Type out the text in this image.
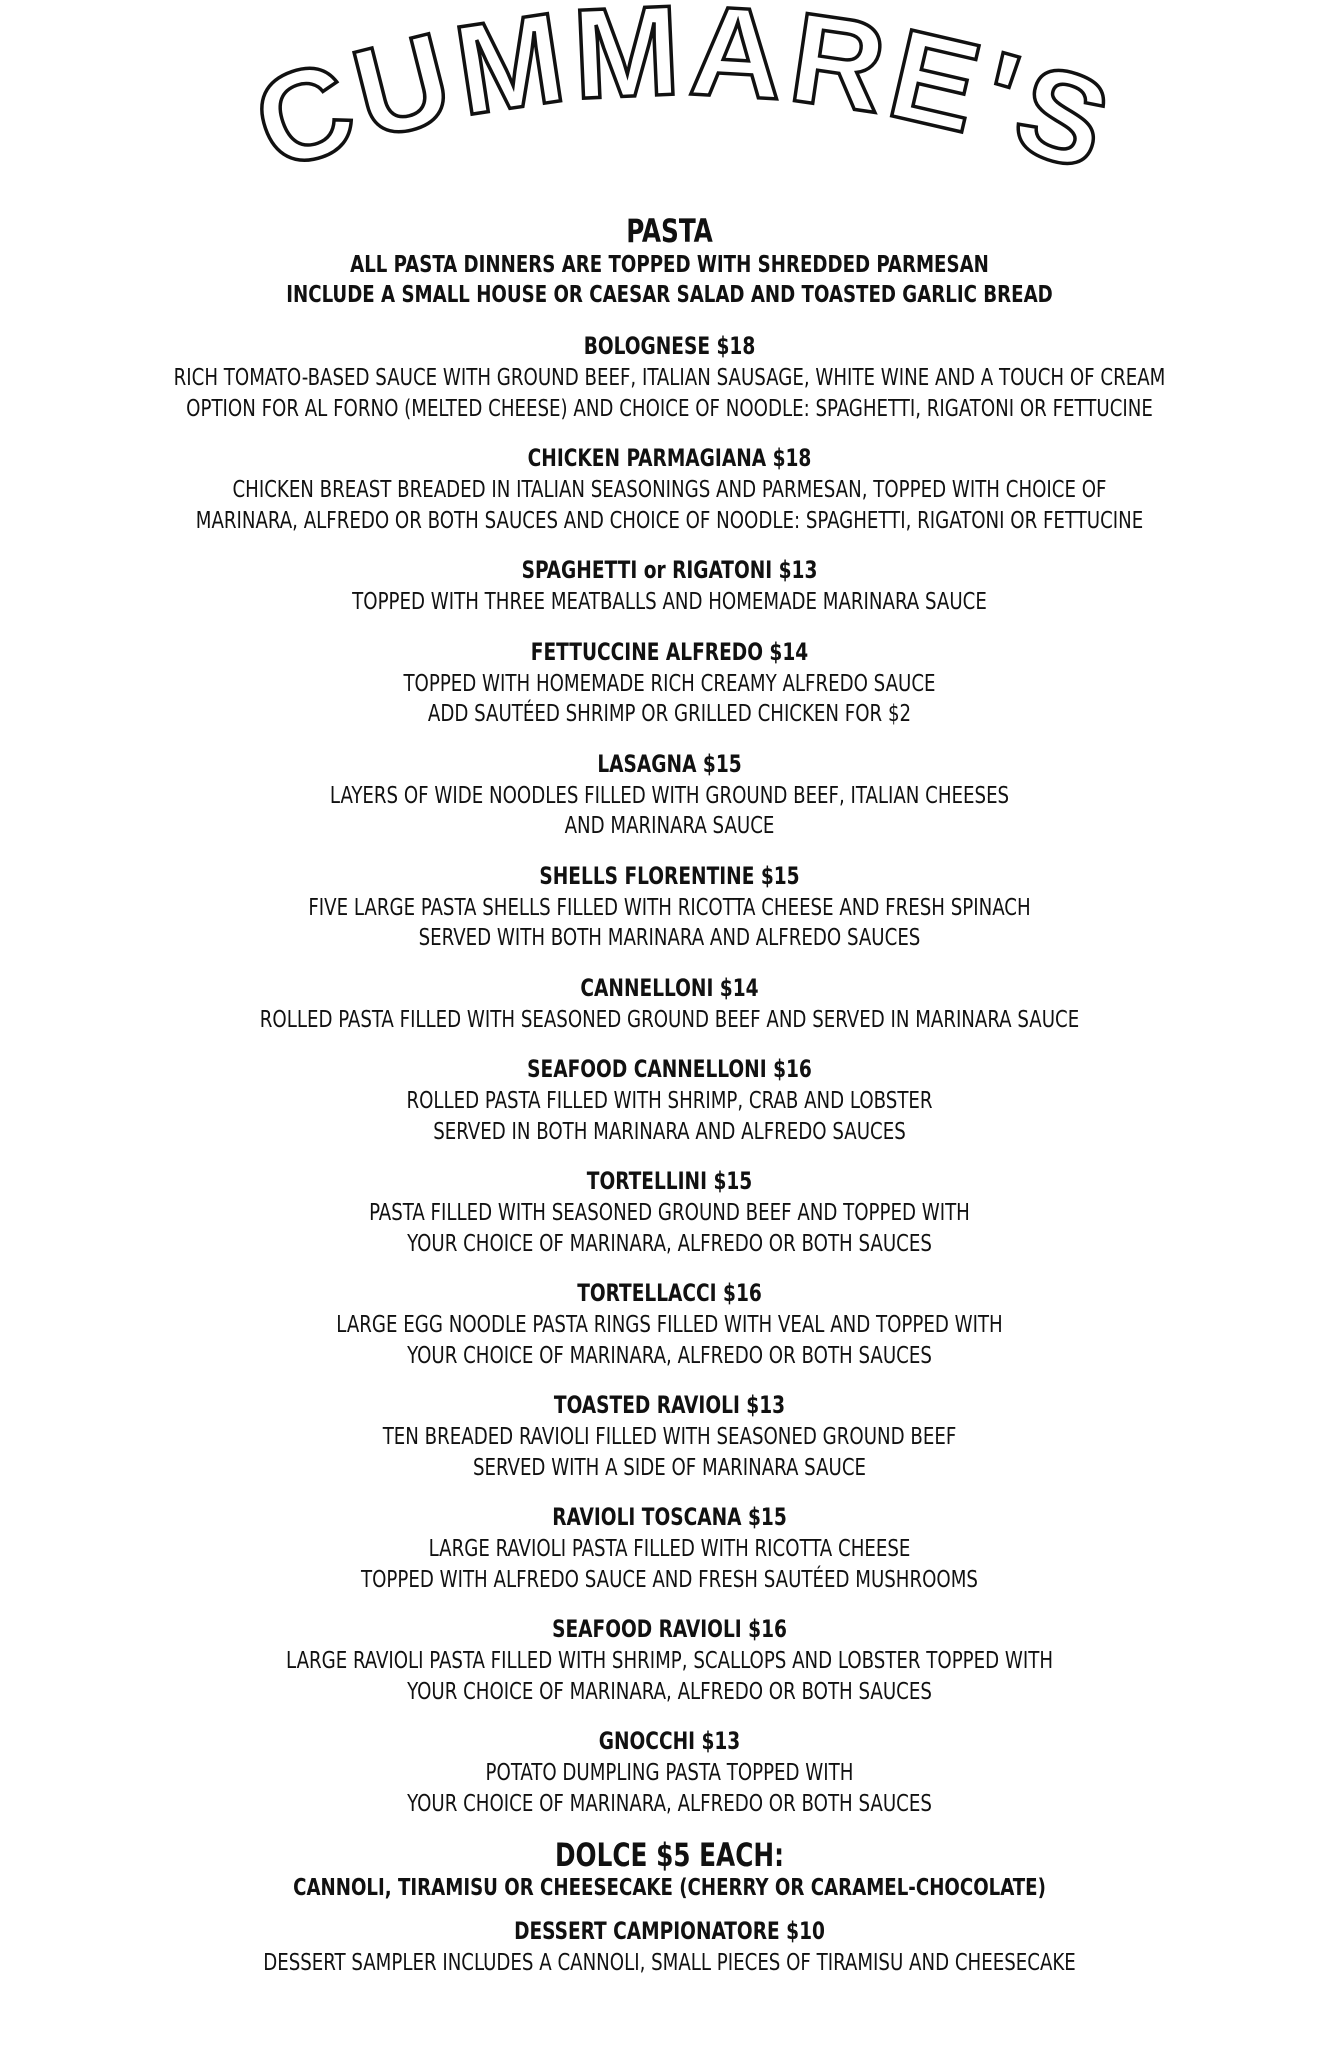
CUMMARE'S
PASTA
ALL PASTA DINNERS ARE TOPPED WITH SHREDDED PARMESAN
INCLUDE A SMALL HOUSE OR CAESAR SALAD AND TOASTED GARLIC BREAD
BOLOGNESE $18
RICH TOMATO-BASED SAUCE WITH GROUND BEEF, ITALIAN SAUSAGE, WHITE WINE AND A TOUCH OF CREAM
OPTION FOR AL FORNO (MELTED CHEESE) AND CHOICE OF NOODLE: SPAGHETTI, RIGATONI OR FETTUCINE
CHICKEN PARMAGIANA $18
CHICKEN BREAST BREADED IN ITALIAN SEASONINGS AND PARMESAN, TOPPED WITH CHOICE OF
MARINARA, ALFREDO OR BOTH SAUCES AND CHOICE OF NOODLE: SPAGHETTI, RIGATONI OR FETTUCINE
SPAGHETTI or RIGATONI $13
TOPPED WITH THREE MEATBALLS AND HOMEMADE MARINARA SAUCE
FETTUCCINE ALFREDO $14
TOPPED WITH HOMEMADE RICH CREAMY ALFREDO SAUCE
ADD SAUTÉED SHRIMP OR GRILLED CHICKEN FOR $2
LASAGNA $15
LAYERS OF WIDE NOODLES FILLED WITH GROUND BEEF, ITALIAN CHEESES
AND MARINARA SAUCE
SHELLS FLORENTINE $15
FIVE LARGE PASTA SHELLS FILLED WITH RICOTTA CHEESE AND FRESH SPINACH
SERVED WITH BOTH MARINARA AND ALFREDO SAUCES
CANNELLONI $14
ROLLED PASTA FILLED WITH SEASONED GROUND BEEF AND SERVED IN MARINARA SAUCE
SEAFOOD CANNELLONI $16
ROLLED PASTA FILLED WITH SHRIMP, CRAB AND LOBSTER
SERVED IN BOTH MARINARA AND ALFREDO SAUCES
TORTELLINI $15
PASTA FILLED WITH SEASONED GROUND BEEF AND TOPPED WITH
YOUR CHOICE OF MARINARA, ALFREDO OR BOTH SAUCES
TORTELLACCI $16
LARGE EGG NOODLE PASTA RINGS FILLED WITH VEAL AND TOPPED WITH
YOUR CHOICE OF MARINARA, ALFREDO OR BOTH SAUCES
TOASTED RAVIOLI $13
TEN BREADED RAVIOLI FILLED WITH SEASONED GROUND BEEF
SERVED WITH A SIDE OF MARINARA SAUCE
RAVIOLI TOSCANA $15
LARGE RAVIOLI PASTA FILLED WITH RICOTTA CHEESE
TOPPED WITH ALFREDO SAUCE AND FRESH SAUTÉED MUSHROOMS
SEAFOOD RAVIOLI $16
LARGE RAVIOLI PASTA FILLED WITH SHRIMP, SCALLOPS AND LOBSTER TOPPED WITH
YOUR CHOICE OF MARINARA, ALFREDO OR BOTH SAUCES
GNOCCHI $13
POTATO DUMPLING PASTA TOPPED WITH
YOUR CHOICE OF MARINARA, ALFREDO OR BOTH SAUCES
DOLCE $5 EACH:
CANNOLI, TIRAMISU OR CHEESECAKE (CHERRY OR CARAMEL-CHOCOLATE)
DESSERT CAMPIONATORE $10
DESSERT SAMPLER INCLUDES A CANNOLI, SMALL PIECES OF TIRAMISU AND CHEESECAKE
